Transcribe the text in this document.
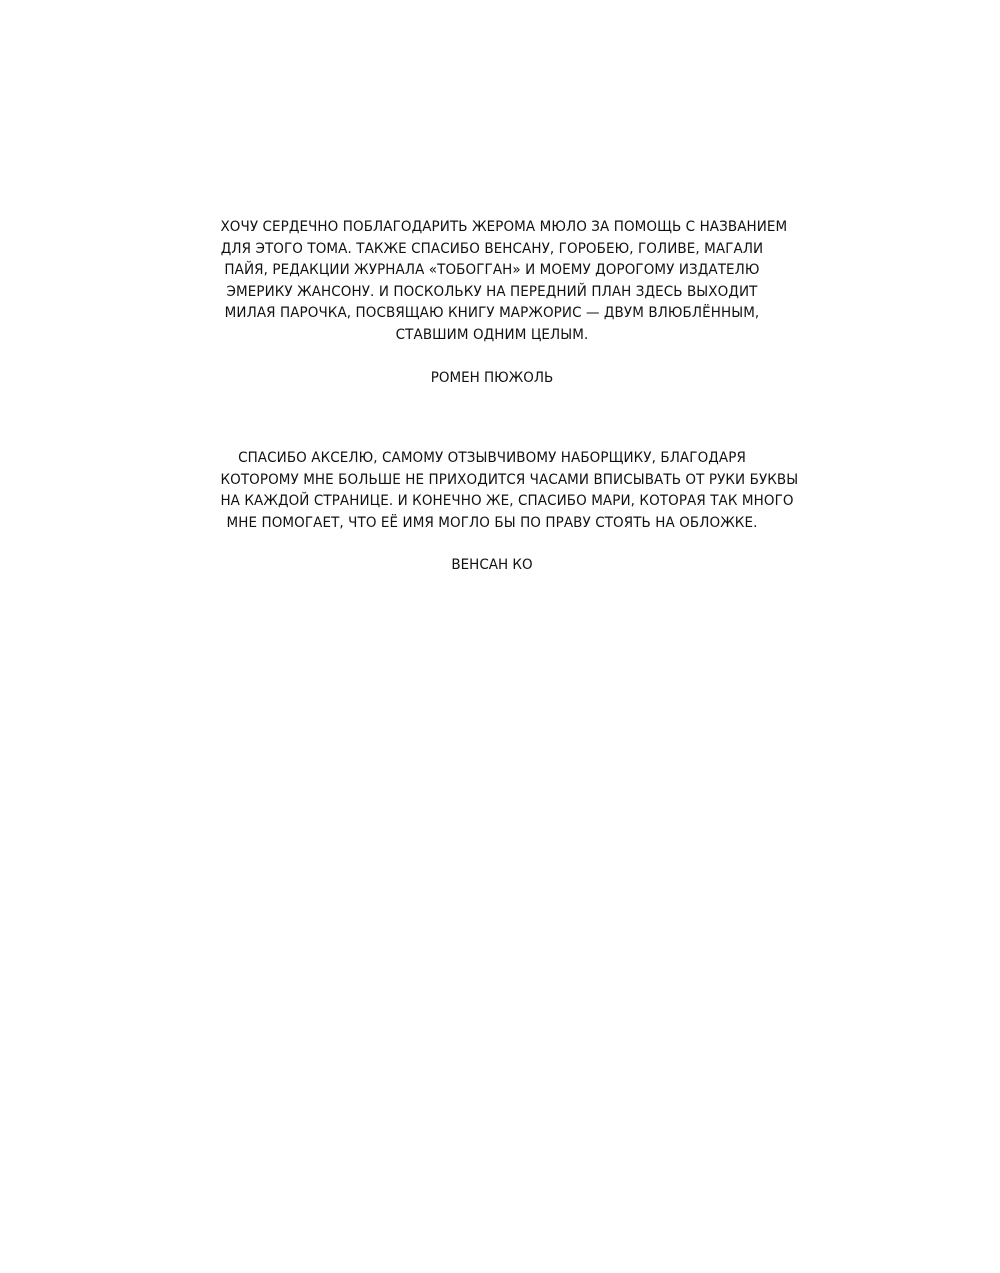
ХОЧУ СЕРДЕЧНО ПОБЛАГОДАРИТЬ ЖЕРОМА МЮЛО ЗА ПОМОЩЬ С НАЗВАНИЕМ
ДЛЯ ЭТОГО ТОМА. ТАКЖЕ СПАСИБО ВЕНСАНУ, ГОРОБЕЮ, ГОЛИВЕ, МАГАЛИ
ПАЙЯ, РЕДАКЦИИ ЖУРНАЛА «ТОБОГГАН» И МОЕМУ ДОРОГОМУ ИЗДАТЕЛЮ
ЭМЕРИКУ ЖАНСОНУ. И ПОСКОЛЬКУ НА ПЕРЕДНИЙ ПЛАН ЗДЕСЬ ВЫХОДИТ
МИЛАЯ ПАРОЧКА, ПОСВЯЩАЮ КНИГУ МАРЖОРИС — ДВУМ ВЛЮБЛЁННЫМ,
СТАВШИМ ОДНИМ ЦЕЛЫМ.
РОМЕН ПЮЖОЛЬ
СПАСИБО АКСЕЛЮ, САМОМУ ОТЗЫВЧИВОМУ НАБОРЩИКУ, БЛАГОДАРЯ
КОТОРОМУ МНЕ БОЛЬШЕ НЕ ПРИХОДИТСЯ ЧАСАМИ ВПИСЫВАТЬ ОТ РУКИ БУКВЫ
НА КАЖДОЙ СТРАНИЦЕ. И КОНЕЧНО ЖЕ, СПАСИБО МАРИ, КОТОРАЯ ТАК МНОГО
МНЕ ПОМОГАЕТ, ЧТО ЕЁ ИМЯ МОГЛО БЫ ПО ПРАВУ СТОЯТЬ НА ОБЛОЖКЕ.
ВЕНСАН КО
